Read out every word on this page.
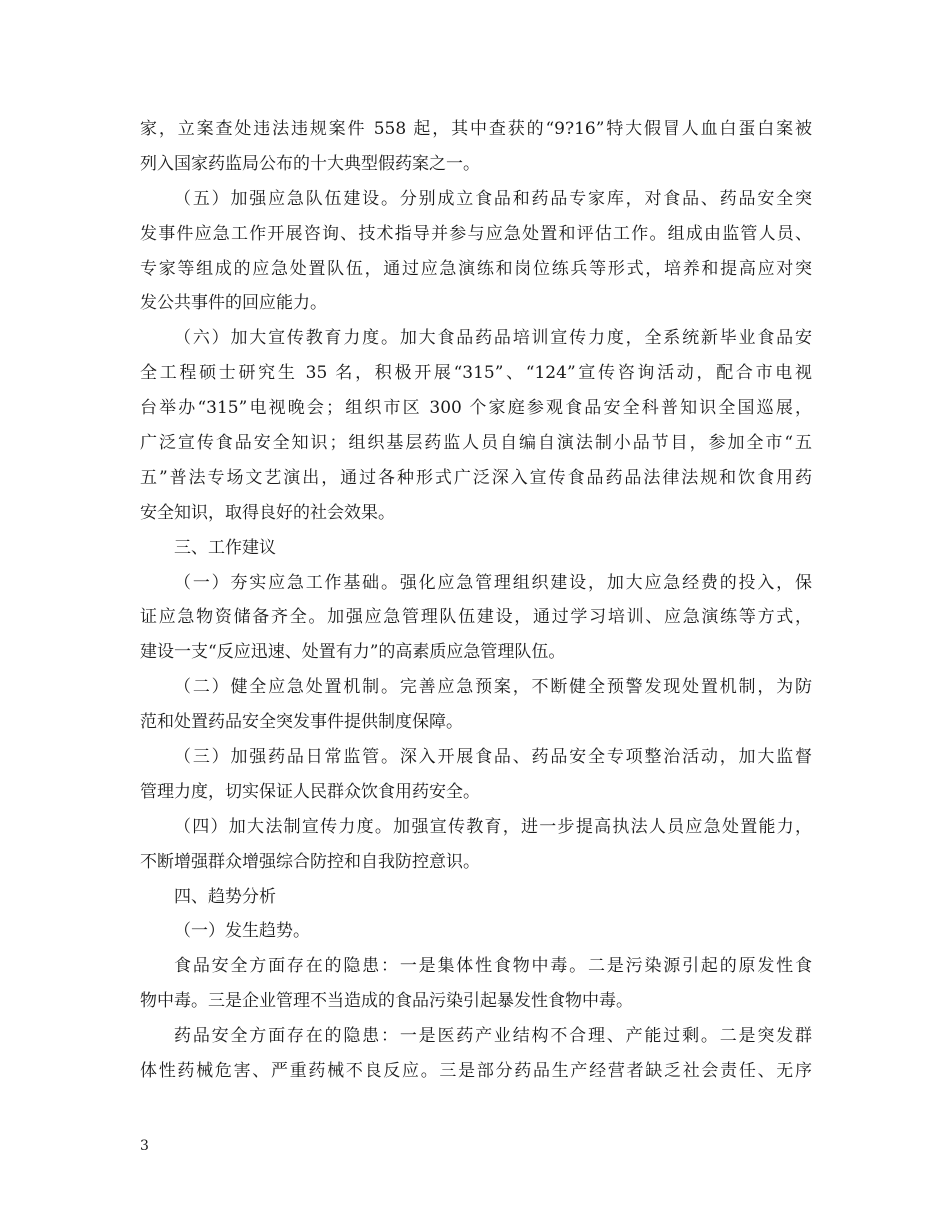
家，立案查处违法违规案件 558 起，其中查获的“9?16”特大假冒人血白蛋白案被
列入国家药监局公布的十大典型假药案之一。
（五）加强应急队伍建设。分别成立食品和药品专家库，对食品、药品安全突
发事件应急工作开展咨询、技术指导并参与应急处置和评估工作。组成由监管人员、
专家等组成的应急处置队伍，通过应急演练和岗位练兵等形式，培养和提高应对突
发公共事件的回应能力。
（六）加大宣传教育力度。加大食品药品培训宣传力度，全系统新毕业食品安
全工程硕士研究生 35 名，积极开展“315”、“124”宣传咨询活动，配合市电视
台举办“315”电视晚会；组织市区 300 个家庭参观食品安全科普知识全国巡展，
广泛宣传食品安全知识；组织基层药监人员自编自演法制小品节目，参加全市“五
五”普法专场文艺演出，通过各种形式广泛深入宣传食品药品法律法规和饮食用药
安全知识，取得良好的社会效果。
三、工作建议
（一）夯实应急工作基础。强化应急管理组织建设，加大应急经费的投入，保
证应急物资储备齐全。加强应急管理队伍建设，通过学习培训、应急演练等方式，
建设一支“反应迅速、处置有力”的高素质应急管理队伍。
（二）健全应急处置机制。完善应急预案，不断健全预警发现处置机制，为防
范和处置药品安全突发事件提供制度保障。
（三）加强药品日常监管。深入开展食品、药品安全专项整治活动，加大监督
管理力度，切实保证人民群众饮食用药安全。
（四）加大法制宣传力度。加强宣传教育，进一步提高执法人员应急处置能力，
不断增强群众增强综合防控和自我防控意识。
四、趋势分析
（一）发生趋势。
食品安全方面存在的隐患：一是集体性食物中毒。二是污染源引起的原发性食
物中毒。三是企业管理不当造成的食品污染引起暴发性食物中毒。
药品安全方面存在的隐患：一是医药产业结构不合理、产能过剩。二是突发群
体性药械危害、严重药械不良反应。三是部分药品生产经营者缺乏社会责任、无序
3
